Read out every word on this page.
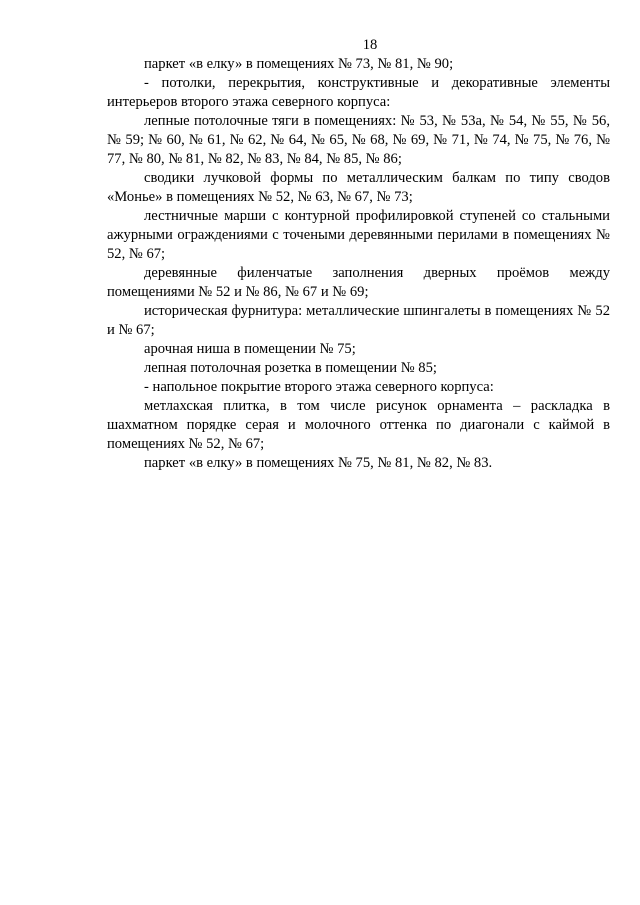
18

паркет «в елку» в помещениях № 73, № 81, № 90;

- потолки, перекрытия, конструктивные и декоративные элементы интерьеров второго этажа северного корпуса:

лепные потолочные тяги в помещениях: № 53, № 53а, № 54, № 55, № 56, № 59; № 60, № 61, № 62, № 64, № 65, № 68, № 69, № 71, № 74, № 75, № 76, № 77, № 80, № 81, № 82, № 83, № 84, № 85, № 86;

сводики лучковой формы по металлическим балкам по типу сводов «Монье» в помещениях № 52, № 63, № 67, № 73;

лестничные марши с контурной профилировкой ступеней со стальными ажурными ограждениями с точеными деревянными перилами в помещениях № 52, № 67;

деревянные филенчатые заполнения дверных проёмов между помещениями № 52 и № 86, № 67 и № 69;

историческая фурнитура: металлические шпингалеты в помещениях № 52 и № 67;

арочная ниша в помещении № 75;

лепная потолочная розетка в помещении № 85;

- напольное покрытие второго этажа северного корпуса:

метлахская плитка, в том числе рисунок орнамента – раскладка в шахматном порядке серая и молочного оттенка по диагонали с каймой в помещениях № 52, № 67;

паркет «в елку» в помещениях № 75, № 81, № 82, № 83.
